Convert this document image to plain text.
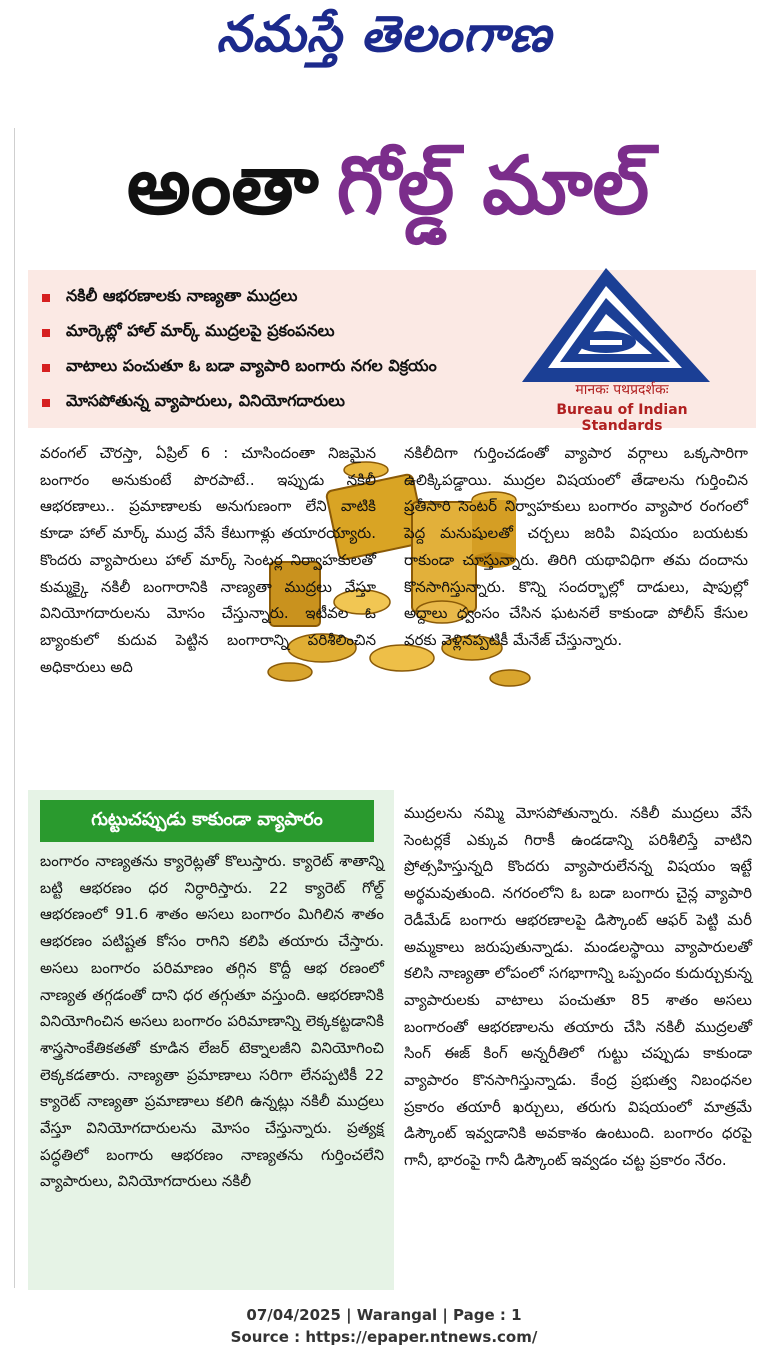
నమస్తే తెలంగాణ
అంతా గోల్డ్ మాల్
నకిలీ ఆభరణాలకు నాణ్యతా ముద్రలు
మార్కెట్లో హాల్ మార్క్ ముద్రలపై ప్రకంపనలు
వాటాలు పంచుతూ ఓ బడా వ్యాపారి బంగారు నగల విక్రయం
మోసపోతున్న వ్యాపారులు, వినియోగదారులు
मानकः पथप्रदर्शकः
Bureau of Indian Standards
వరంగల్ చౌరస్తా, ఏప్రిల్ 6 : చూసిందంతా నిజమైన బంగారం అనుకుంటే పొరపాటే.. ఇప్పుడు నకిలీ ఆభరణాలు.. ప్రమాణాలకు అనుగుణంగా లేని వాటికి కూడా హాల్ మార్క్ ముద్ర వేసే కేటుగాళ్లు తయారయ్యారు. కొందరు వ్యాపారులు హాల్ మార్క్ సెంటర్ల నిర్వాహకులతో కుమ్మక్కై నకిలీ బంగారానికి నాణ్యతా ముద్రలు వేస్తూ వినియోగదారులను మోసం చేస్తున్నారు. ఇటీవల ఓ బ్యాంకులో కుదువ పెట్టిన బంగారాన్ని పరిశీలించిన అధికారులు అది
నకిలీదిగా గుర్తించడంతో వ్యాపార వర్గాలు ఒక్కసారిగా ఉలిక్కిపడ్డాయి. ముద్రల విషయంలో తేడాలను గుర్తించిన ప్రతీసారి సెంటర్ నిర్వాహకులు బంగారం వ్యాపార రంగంలో పెద్ద మనుషులతో చర్చలు జరిపి విషయం బయటకు రాకుండా చూస్తున్నారు. తిరిగి యథావిధిగా తమ దందాను కొనసాగిస్తున్నారు. కొన్ని సందర్భాల్లో దాడులు, షాపుల్లో అద్దాలు ధ్వంసం చేసిన ఘటనలే కాకుండా పోలీస్ కేసుల వరకు వెళ్లినప్పటికీ మేనేజ్ చేస్తున్నారు.
గుట్టుచప్పుడు కాకుండా వ్యాపారం
బంగారం నాణ్యతను క్యారెట్లతో కొలుస్తారు. క్యారెట్ శాతాన్ని బట్టి ఆభరణం ధర నిర్ధారిస్తారు. 22 క్యారెట్ గోల్డ్ ఆభరణంలో 91.6 శాతం అసలు బంగారం మిగిలిన శాతం ఆభరణం పటిష్టత కోసం రాగిని కలిపి తయారు చేస్తారు. అసలు బంగారం పరిమాణం తగ్గిన కొద్దీ ఆభ రణంలో నాణ్యత తగ్గడంతో దాని ధర తగ్గుతూ వస్తుంది. ఆభరణానికి వినియోగించిన అసలు బంగారం పరిమాణాన్ని లెక్కకట్టడానికి శాస్త్రసాంకేతికతతో కూడిన లేజర్ టెక్నాలజీని వినియోగించి లెక్కకడతారు. నాణ్యతా ప్రమాణాలు సరిగా లేనప్పటికీ 22 క్యారెట్ నాణ్యతా ప్రమాణాలు కలిగి ఉన్నట్లు నకిలీ ముద్రలు వేస్తూ వినియోగదారులను మోసం చేస్తున్నారు. ప్రత్యక్ష పద్ధతిలో బంగారు ఆభరణం నాణ్యతను గుర్తించలేని వ్యాపారులు, వినియోగదారులు నకిలీ
ముద్రలను నమ్మి మోసపోతున్నారు. నకిలీ ముద్రలు వేసే సెంటర్లకే ఎక్కువ గిరాకీ ఉండడాన్ని పరిశీలిస్తే వాటిని ప్రోత్సహిస్తున్నది కొందరు వ్యాపారులేనన్న విషయం ఇట్టే అర్థమవుతుంది. నగరంలోని ఓ బడా బంగారు చైన్ల వ్యాపారి రెడీమేడ్ బంగారు ఆభరణాలపై డిస్కౌంట్ ఆఫర్ పెట్టి మరీ అమ్మకాలు జరుపుతున్నాడు. మండలస్థాయి వ్యాపారులతో కలిసి నాణ్యతా లోపంలో సగభాగాన్ని ఒప్పందం కుదుర్చుకున్న వ్యాపారులకు వాటాలు పంచుతూ 85 శాతం అసలు బంగారంతో ఆభరణాలను తయారు చేసి నకిలీ ముద్రలతో సింగ్ ఈజ్ కింగ్ అన్నరీతిలో గుట్టు చప్పుడు కాకుండా వ్యాపారం కొనసాగిస్తున్నాడు. కేంద్ర ప్రభుత్వ నిబంధనల ప్రకారం తయారీ ఖర్చులు, తరుగు విషయంలో మాత్రమే డిస్కౌంట్ ఇవ్వడానికి అవకాశం ఉంటుంది. బంగారం ధరపై గానీ, భారంపై గానీ డిస్కౌంట్ ఇవ్వడం చట్ట ప్రకారం నేరం.
07/04/2025 | Warangal | Page : 1
Source : https://epaper.ntnews.com/
